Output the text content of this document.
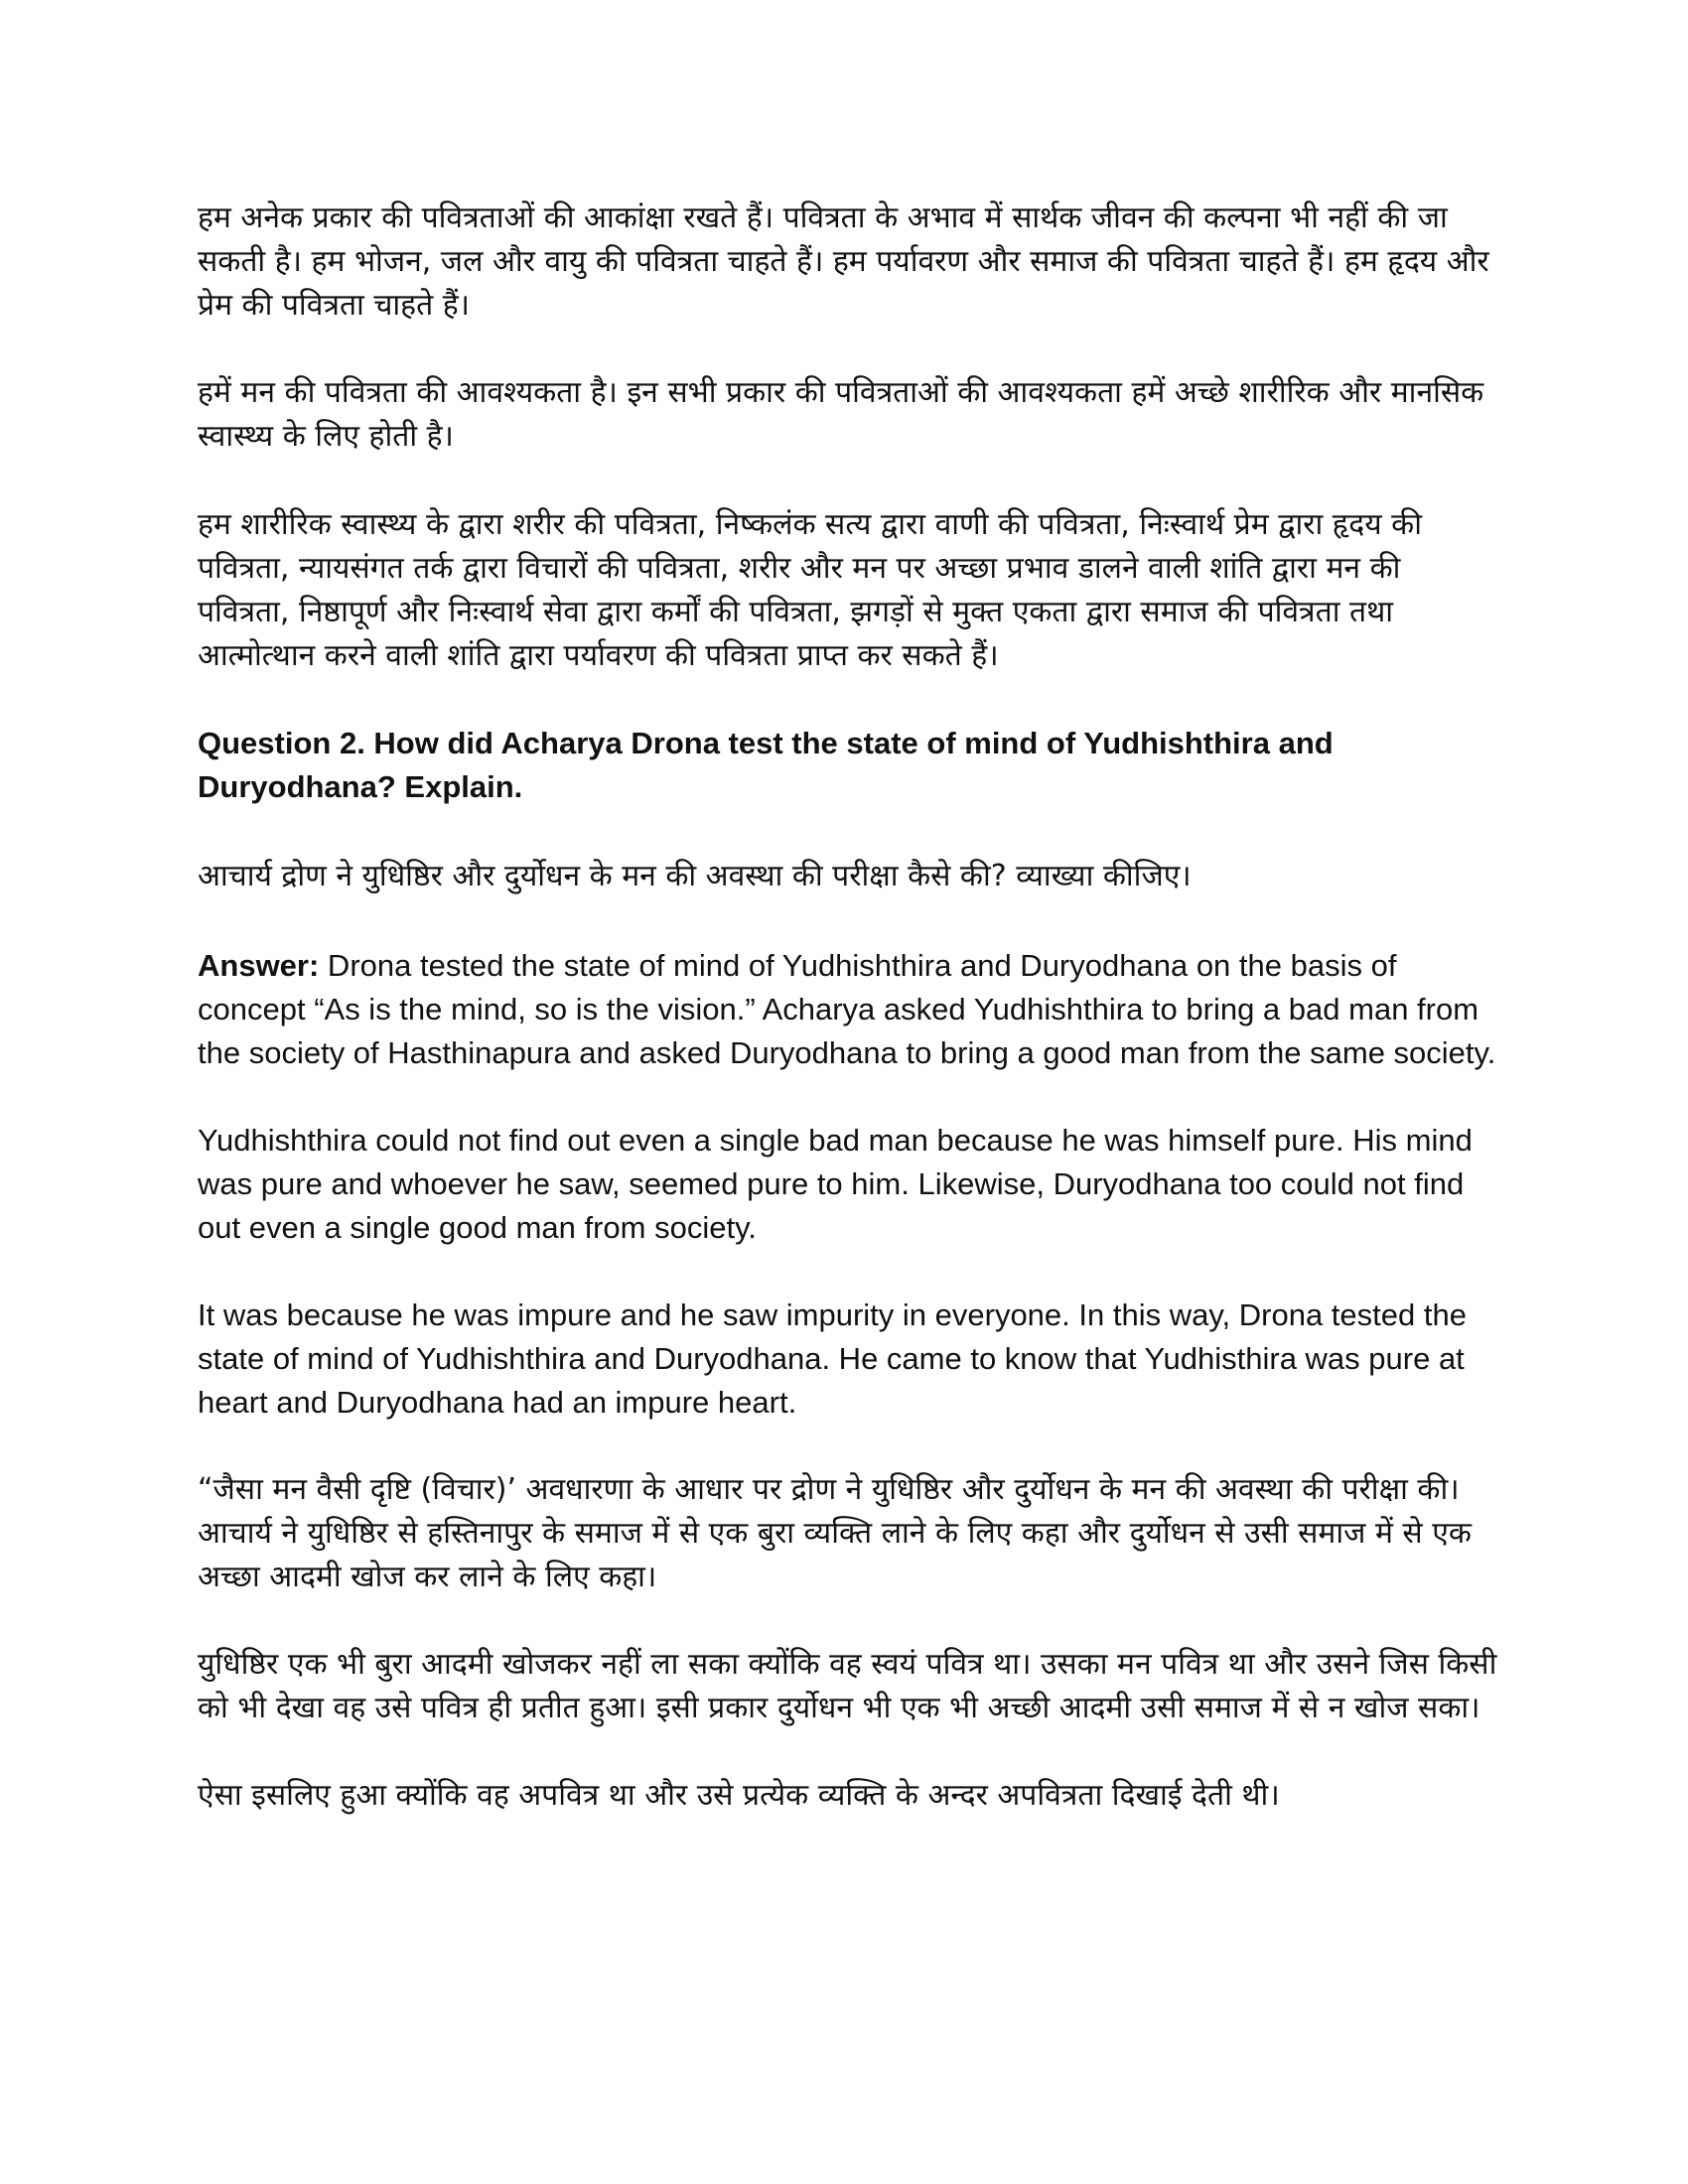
हम अनेक प्रकार की पवित्रताओं की आकांक्षा रखते हैं। पवित्रता के अभाव में सार्थक जीवन की कल्पना भी नहीं की जा सकती है। हम भोजन, जल और वायु की पवित्रता चाहते हैं। हम पर्यावरण और समाज की पवित्रता चाहते हैं। हम हृदय और प्रेम की पवित्रता चाहते हैं।

हमें मन की पवित्रता की आवश्यकता है। इन सभी प्रकार की पवित्रताओं की आवश्यकता हमें अच्छे शारीरिक और मानसिक स्वास्थ्य के लिए होती है।

हम शारीरिक स्वास्थ्य के द्वारा शरीर की पवित्रता, निष्कलंक सत्य द्वारा वाणी की पवित्रता, निःस्वार्थ प्रेम द्वारा हृदय की पवित्रता, न्यायसंगत तर्क द्वारा विचारों की पवित्रता, शरीर और मन पर अच्छा प्रभाव डालने वाली शांति द्वारा मन की पवित्रता, निष्ठापूर्ण और निःस्वार्थ सेवा द्वारा कर्मों की पवित्रता, झगड़ों से मुक्त एकता द्वारा समाज की पवित्रता तथा आत्मोत्थान करने वाली शांति द्वारा पर्यावरण की पवित्रता प्राप्त कर सकते हैं।

Question 2. How did Acharya Drona test the state of mind of Yudhishthira and Duryodhana? Explain.

आचार्य द्रोण ने युधिष्ठिर और दुर्योधन के मन की अवस्था की परीक्षा कैसे की? व्याख्या कीजिए।

Answer: Drona tested the state of mind of Yudhishthira and Duryodhana on the basis of concept “As is the mind, so is the vision.” Acharya asked Yudhishthira to bring a bad man from the society of Hasthinapura and asked Duryodhana to bring a good man from the same society.

Yudhishthira could not find out even a single bad man because he was himself pure. His mind was pure and whoever he saw, seemed pure to him. Likewise, Duryodhana too could not find out even a single good man from society.

It was because he was impure and he saw impurity in everyone. In this way, Drona tested the state of mind of Yudhishthira and Duryodhana. He came to know that Yudhisthira was pure at heart and Duryodhana had an impure heart.

“जैसा मन वैसी दृष्टि (विचार)’ अवधारणा के आधार पर द्रोण ने युधिष्ठिर और दुर्योधन के मन की अवस्था की परीक्षा की। आचार्य ने युधिष्ठिर से हस्तिनापुर के समाज में से एक बुरा व्यक्ति लाने के लिए कहा और दुर्योधन से उसी समाज में से एक अच्छा आदमी खोज कर लाने के लिए कहा।

युधिष्ठिर एक भी बुरा आदमी खोजकर नहीं ला सका क्योंकि वह स्वयं पवित्र था। उसका मन पवित्र था और उसने जिस किसी को भी देखा वह उसे पवित्र ही प्रतीत हुआ। इसी प्रकार दुर्योधन भी एक भी अच्छी आदमी उसी समाज में से न खोज सका।

ऐसा इसलिए हुआ क्योंकि वह अपवित्र था और उसे प्रत्येक व्यक्ति के अन्दर अपवित्रता दिखाई देती थी।
